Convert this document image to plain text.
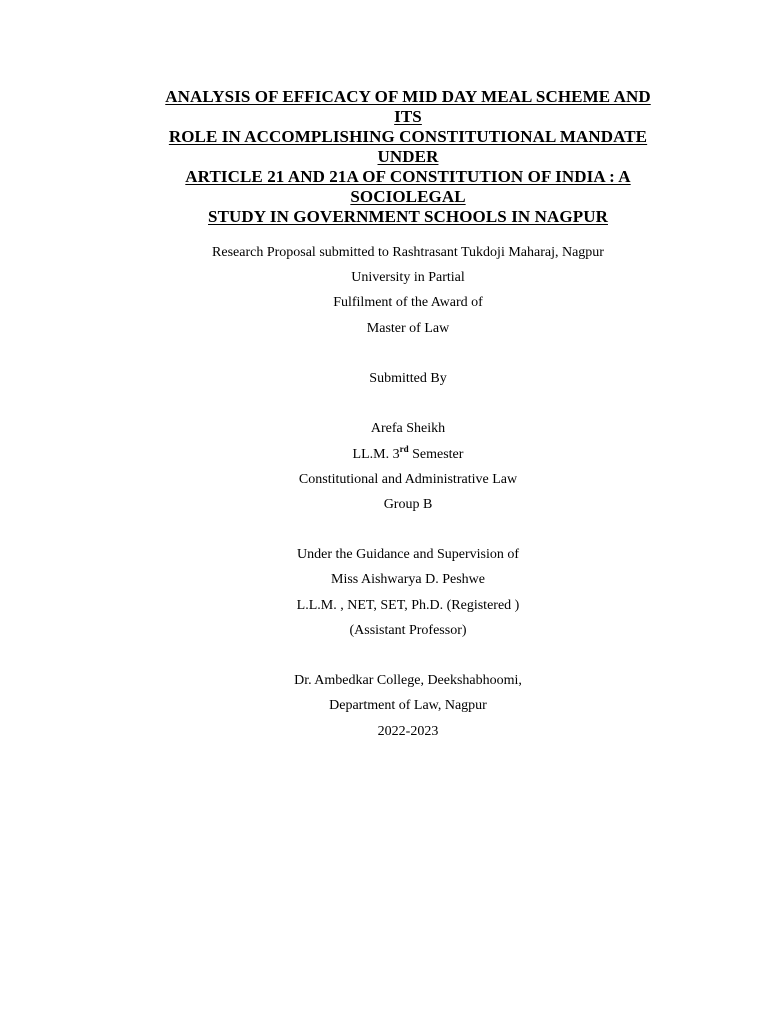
ANALYSIS OF EFFICACY OF MID DAY MEAL SCHEME AND

ITS

ROLE IN ACCOMPLISHING CONSTITUTIONAL MANDATE

UNDER

ARTICLE 21 AND 21A OF CONSTITUTION OF INDIA : A

SOCIOLEGAL

STUDY IN GOVERNMENT SCHOOLS IN NAGPUR

Research Proposal submitted to Rashtrasant Tukdoji Maharaj, Nagpur

University in Partial

Fulfilment of the Award of

Master of Law

Submitted By

Arefa Sheikh

LL.M. 3rd Semester

Constitutional and Administrative Law

Group B

Under the Guidance and Supervision of

Miss Aishwarya D. Peshwe

L.L.M. , NET, SET, Ph.D. (Registered )

(Assistant Professor)

Dr. Ambedkar College, Deekshabhoomi,

Department of Law, Nagpur

2022-2023
